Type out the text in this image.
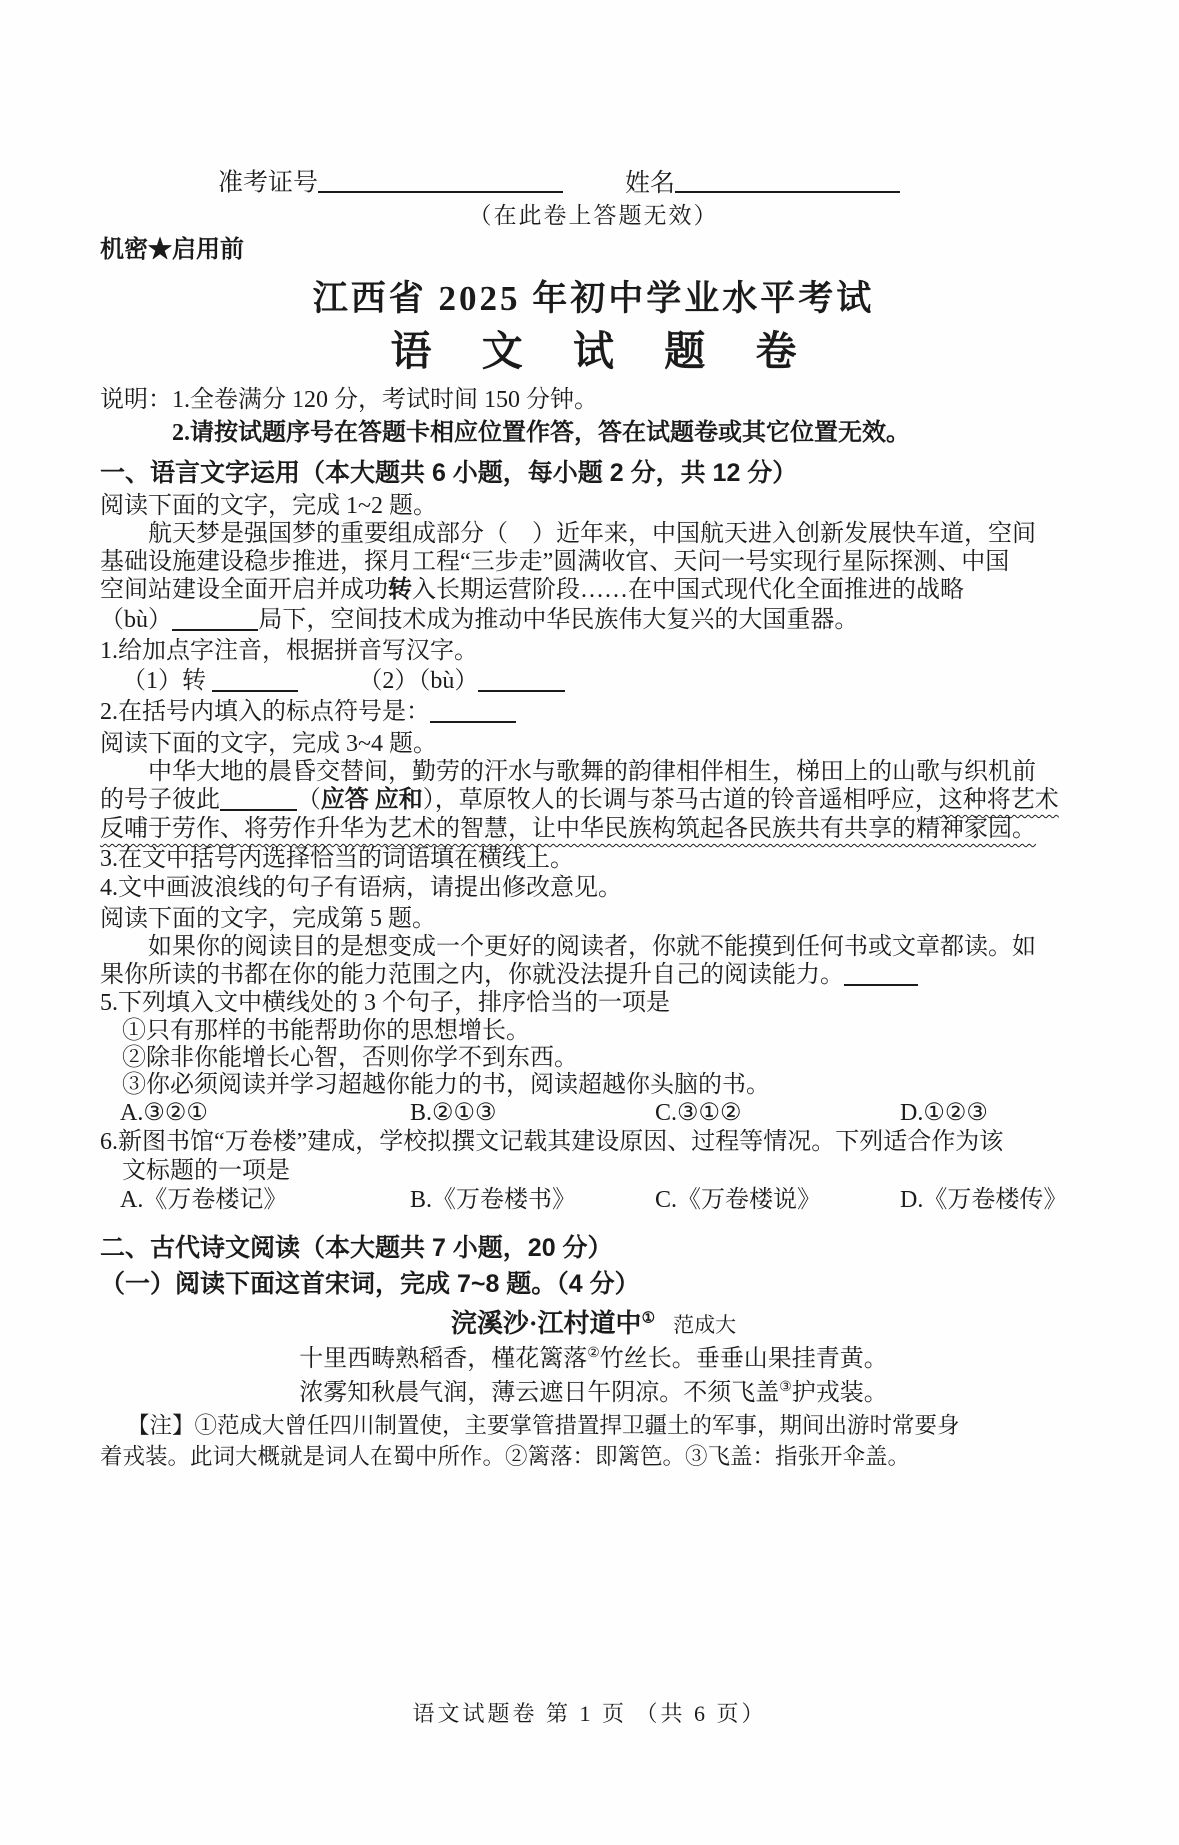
准考证号	姓名
（在此卷上答题无效）
机密★启用前
江西省 2025 年初中学业水平考试
语 文 试 题 卷
说明：1.全卷满分 120 分，考试时间 150 分钟。
2.请按试题序号在答题卡相应位置作答，答在试题卷或其它位置无效。
一、语言文字运用（本大题共 6 小题，每小题 2 分，共 12 分）
阅读下面的文字，完成 1~2 题。
航天梦是强国梦的重要组成部分（　）近年来，中国航天进入创新发展快车道，空间
基础设施建设稳步推进，探月工程“三步走”圆满收官、天问一号实现行星际探测、中国
空间站建设全面开启并成功转 •入长期运营阶段……在中国式现代化全面推进的战略
（bù）	局下，空间技术成为推动中华民族伟大复兴的大国重器。
1.给加点字注音，根据拼音写汉字。
（1）转	　　　（2）（bù）
2.在括号内填入的标点符号是：
阅读下面的文字，完成 3~4 题。
中华大地的晨昏交替间，勤劳的汗水与歌舞的韵律相伴相生，梯田上的山歌与织机前
的号子彼此	（应答 应和），草原牧人的长调与茶马古道的铃音遥相呼应，这种将艺术
反哺于劳作、将劳作升华为艺术的智慧，让中华民族构筑起各民族共有共享的精神家园。
3.在文中括号内选择恰当的词语填在横线上。
4.文中画波浪线的句子有语病，请提出修改意见。
阅读下面的文字，完成第 5 题。
如果你的阅读目的是想变成一个更好的阅读者，你就不能摸到任何书或文章都读。如
果你所读的书都在你的能力范围之内，你就没法提升自己的阅读能力。
5.下列填入文中横线处的 3 个句子，排序恰当的一项是
①只有那样的书能帮助你的思想增长。
②除非你能增长心智，否则你学不到东西。
③你必须阅读并学习超越你能力的书，阅读超越你头脑的书。
A.③②①	B.②①③	C.③①②	D.①②③
6.新图书馆“万卷楼”建成，学校拟撰文记载其建设原因、过程等情况。下列适合作为该
文标题的一项是
A.《万卷楼记》	B.《万卷楼书》	C.《万卷楼说》	D.《万卷楼传》
二、古代诗文阅读（本大题共 7 小题，20 分）
（一）阅读下面这首宋词，完成 7~8 题。（4 分）
浣溪沙·江村道中① 范成大
十里西畴熟稻香，槿花篱落②竹丝长。垂垂山果挂青黄。
浓雾知秋晨气润，薄云遮日午阴凉。不须飞盖③护戎装。
【注】①范成大曾任四川制置使，主要掌管措置捍卫疆土的军事，期间出游时常要身
着戎装。此词大概就是词人在蜀中所作。②篱落：即篱笆。③飞盖：指张开伞盖。
语文试题卷 第 1 页 （共 6 页）
